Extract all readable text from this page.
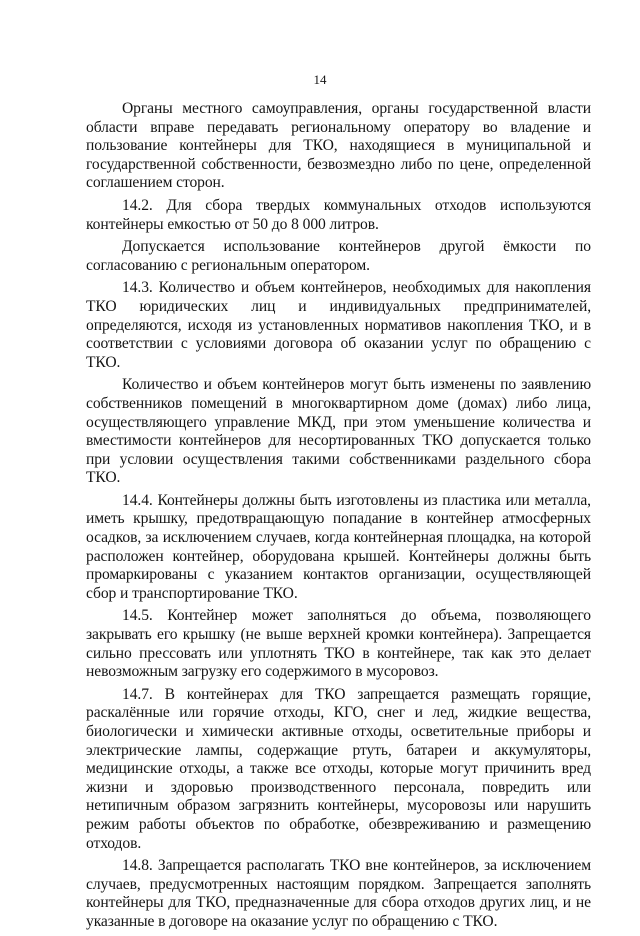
14

Органы местного самоуправления, органы государственной власти области вправе передавать региональному оператору во владение и пользование контейнеры для ТКО, находящиеся в муниципальной и государственной собственности, безвозмездно либо по цене, определенной соглашением сторон.

14.2. Для сбора твердых коммунальных отходов используются контейнеры емкостью от 50 до 8 000 литров.

Допускается использование контейнеров другой ёмкости по согласованию с региональным оператором.

14.3. Количество и объем контейнеров, необходимых для накопления ТКО юридических лиц и индивидуальных предпринимателей, определяются, исходя из установленных нормативов накопления ТКО, и в соответствии с условиями договора об оказании услуг по обращению с ТКО.

Количество и объем контейнеров могут быть изменены по заявлению собственников помещений в многоквартирном доме (домах) либо лица, осуществляющего управление МКД, при этом уменьшение количества и вместимости контейнеров для несортированных ТКО допускается только при условии осуществления такими собственниками раздельного сбора ТКО.

14.4. Контейнеры должны быть изготовлены из пластика или металла, иметь крышку, предотвращающую попадание в контейнер атмосферных осадков, за исключением случаев, когда контейнерная площадка, на которой расположен контейнер, оборудована крышей. Контейнеры должны быть промаркированы с указанием контактов организации, осуществляющей сбор и транспортирование ТКО.

14.5. Контейнер может заполняться до объема, позволяющего закрывать его крышку (не выше верхней кромки контейнера). Запрещается сильно прессовать или уплотнять ТКО в контейнере, так как это делает невозможным загрузку его содержимого в мусоровоз.

14.7. В контейнерах для ТКО запрещается размещать горящие, раскалённые или горячие отходы, КГО, снег и лед, жидкие вещества, биологически и химически активные отходы, осветительные приборы и электрические лампы, содержащие ртуть, батареи и аккумуляторы, медицинские отходы, а также все отходы, которые могут причинить вред жизни и здоровью производственного персонала, повредить или нетипичным образом загрязнить контейнеры, мусоровозы или нарушить режим работы объектов по обработке, обезвреживанию и размещению отходов.

14.8. Запрещается располагать ТКО вне контейнеров, за исключением случаев, предусмотренных настоящим порядком. Запрещается заполнять контейнеры для ТКО, предназначенные для сбора отходов других лиц, и не указанные в договоре на оказание услуг по обращению с ТКО.
